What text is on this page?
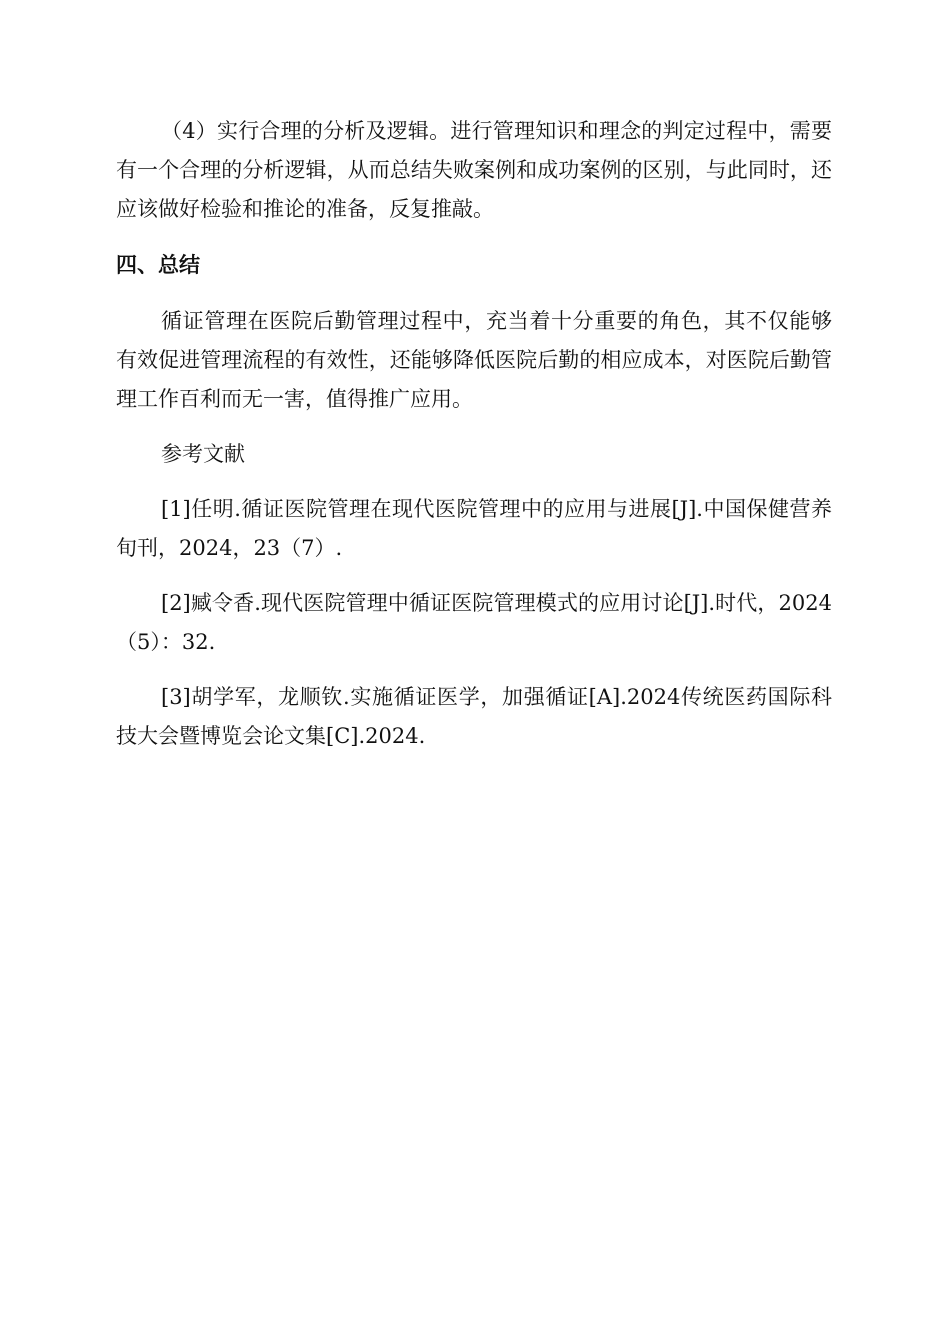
（4）实行合理的分析及逻辑。进行管理知识和理念的判定过程中，需要有一个合理的分析逻辑，从而总结失败案例和成功案例的区别，与此同时，还应该做好检验和推论的准备，反复推敲。

四、总结

循证管理在医院后勤管理过程中，充当着十分重要的角色，其不仅能够有效促进管理流程的有效性，还能够降低医院后勤的相应成本，对医院后勤管理工作百利而无一害，值得推广应用。

参考文献

[1]任明.循证医院管理在现代医院管理中的应用与进展[J].中国保健营养旬刊，2024，23（7）.

[2]臧令香.现代医院管理中循证医院管理模式的应用讨论[J].时代，2024（5）：32.

[3]胡学军，龙顺钦.实施循证医学，加强循证[A].2024传统医药国际科技大会暨博览会论文集[C].2024.
